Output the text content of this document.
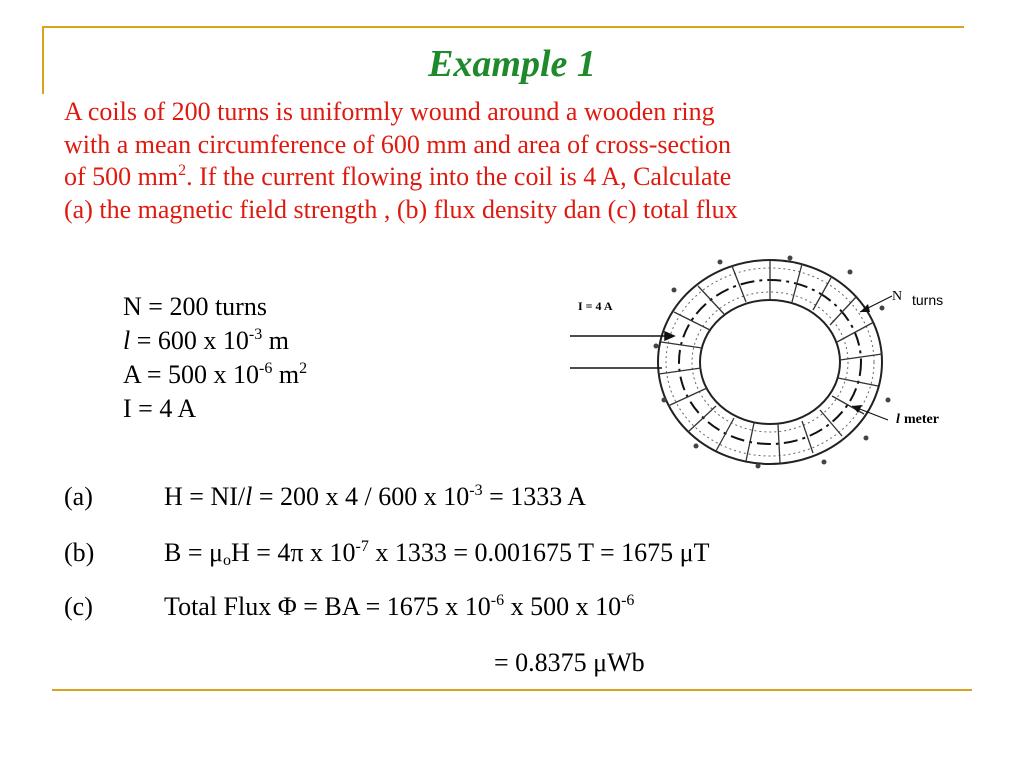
Example 1

A coils of 200 turns is uniformly wound around a wooden ring

with a mean circumference of 600 mm and area of cross-section

of 500 $mm^2$. If the current flowing into the coil is 4 A, Calculate

(a) the magnetic field strength , (b) flux density dan (c) total flux

N = 200 turns
l = 600 x $10^{-3}$ m
A = 500 x $10^{-6}$ $m^2$
I = 4 A
I = 4 A
N turns
l meter
(a)	H = NI/l = 200 x 4 / 600 x $10^{-3} = 1333$ A
(b)	$B = \mu_oH = 4\pi$ x $10^{-7}$ x 1333 = 0.001675 T = 1675 μT
(c)	Total Flux Φ = BA = 1675 x $10^{-6}$ x 500 x $10^{-6}$
= 0.8375 μWb
